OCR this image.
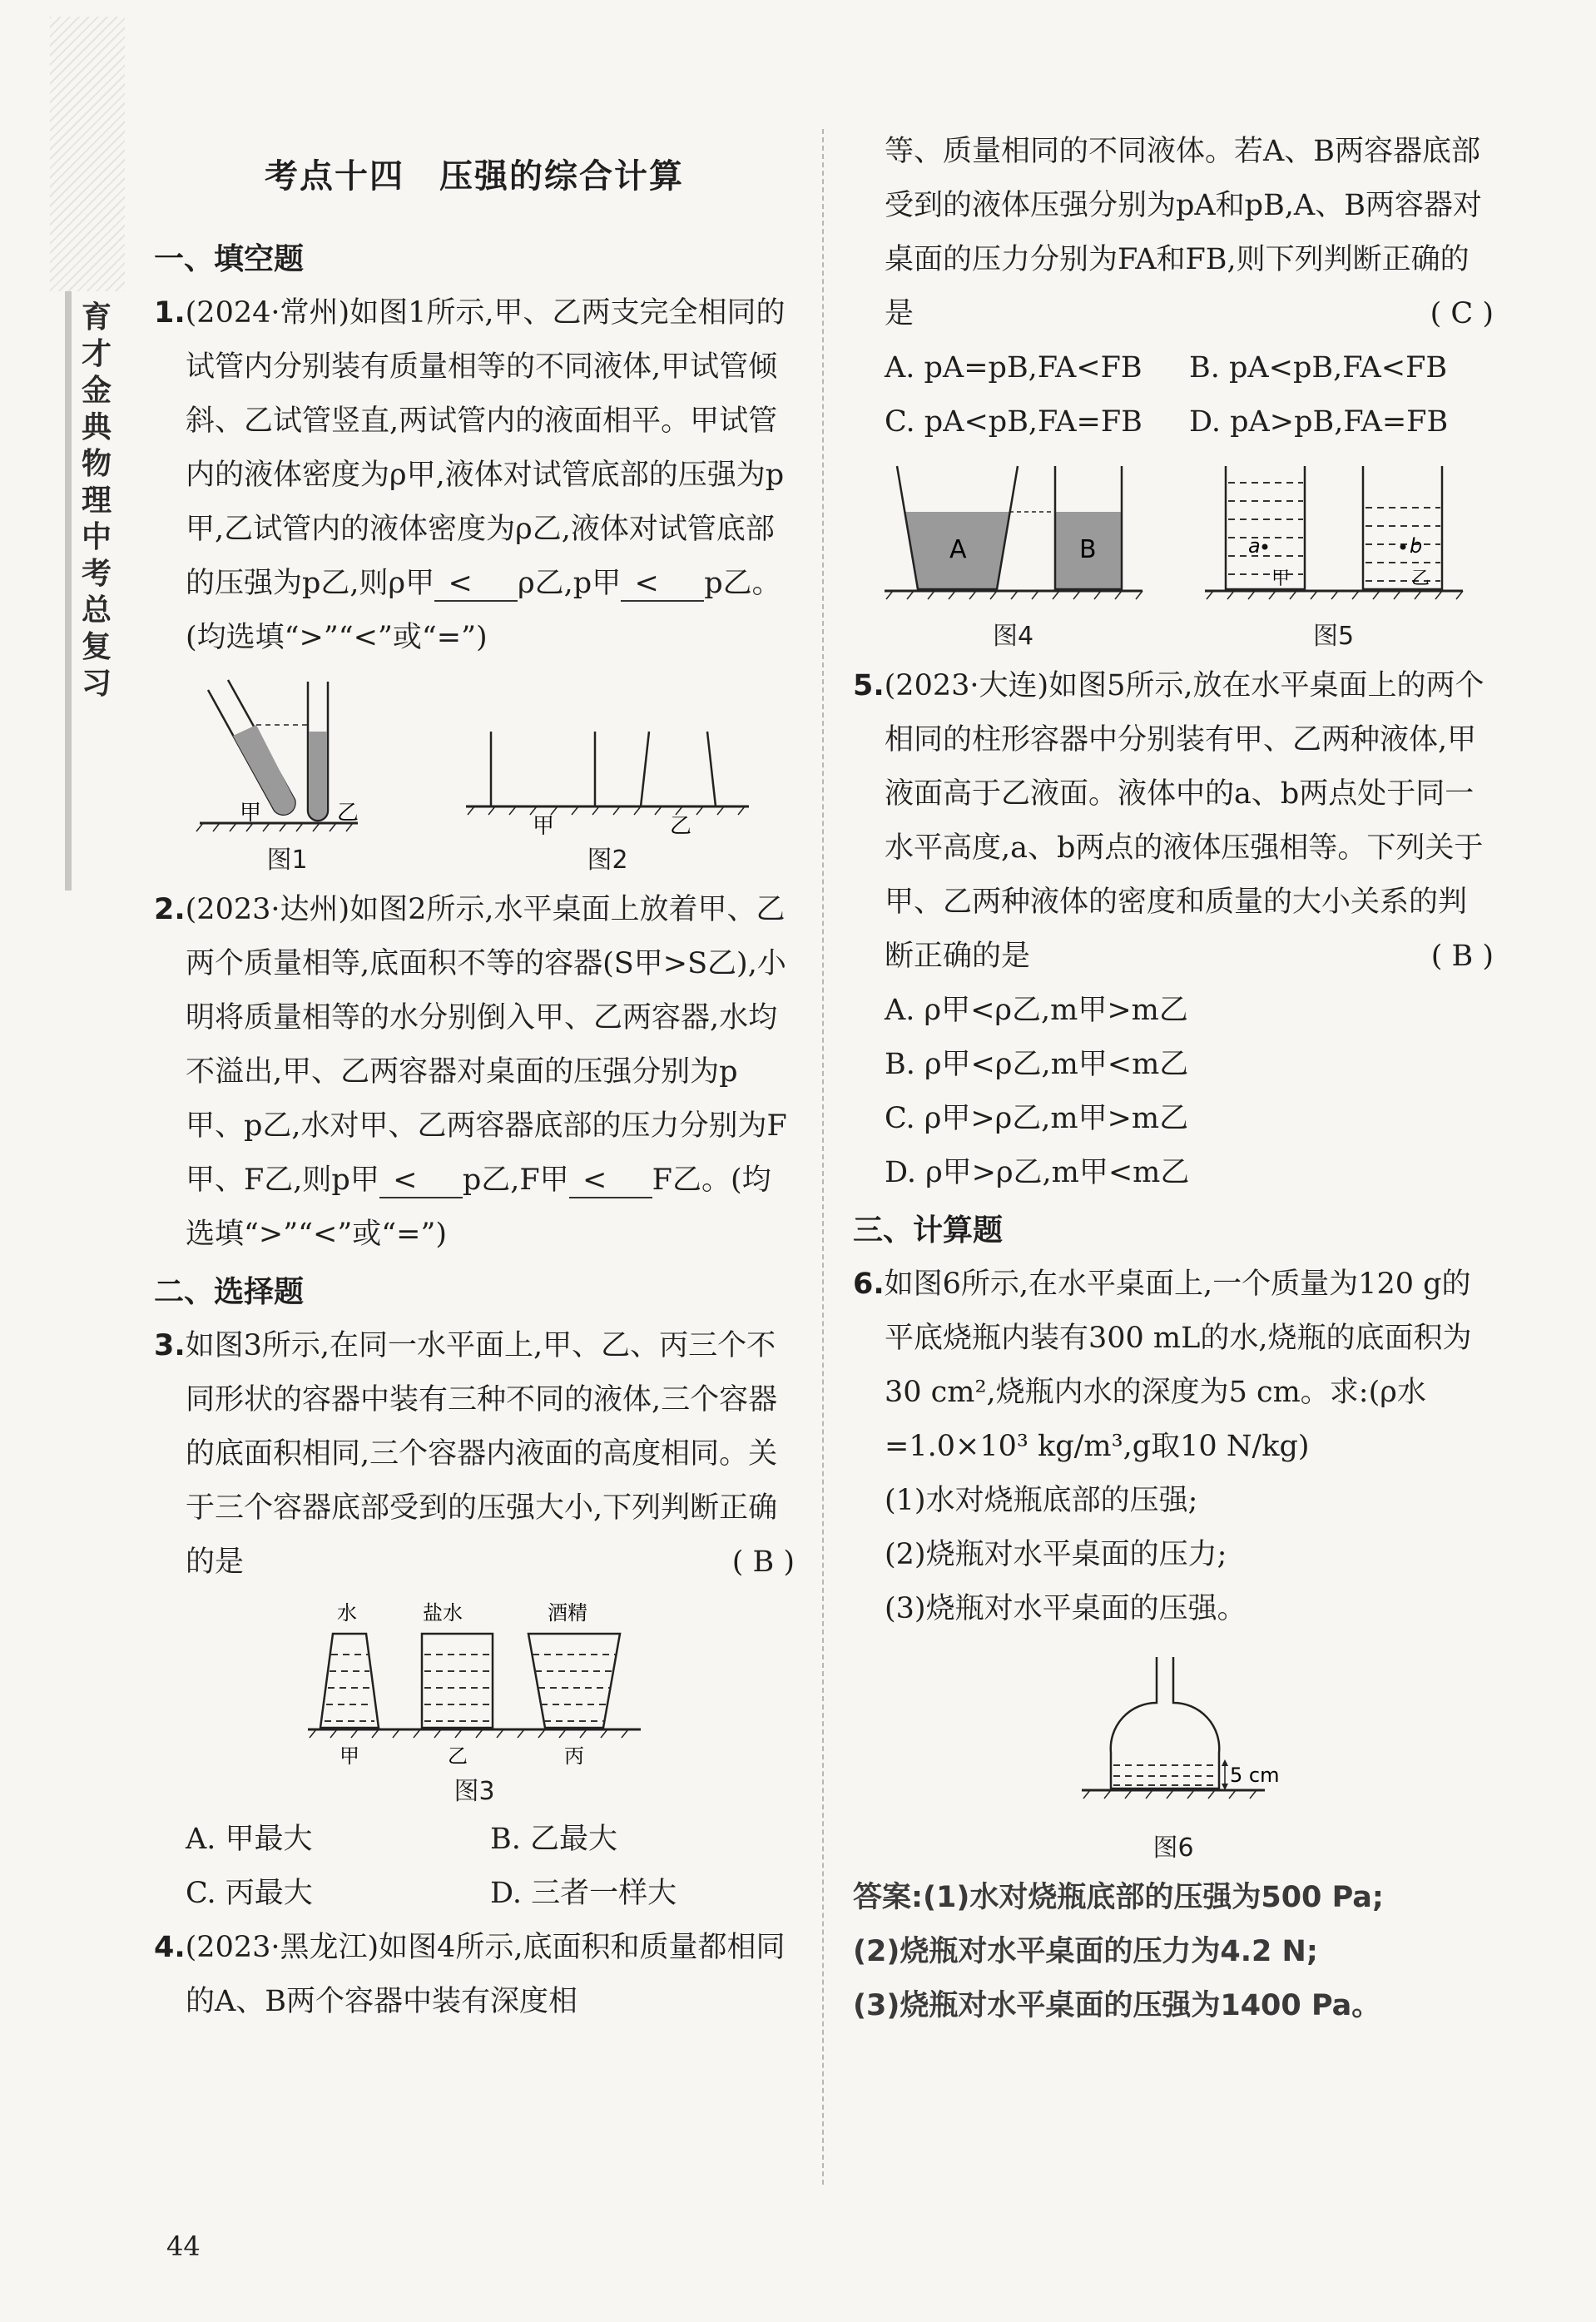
育才金典 物理中考总复习
考点十四　压强的综合计算
一、填空题

1.(2024·常州)如图1所示,甲、乙两支完全相同的试管内分别装有质量相等的不同液体,甲试管倾斜、乙试管竖直,两试管内的液面相平。甲试管内的液体密度为ρ甲,液体对试管底部的压强为p甲,乙试管内的液体密度为ρ乙,液体对试管底部的压强为p乙,则ρ甲 < ρ乙,p甲 < p乙。(均选填“>”“<”或“=”)

甲	乙
图1
甲	乙
图2

2.(2023·达州)如图2所示,水平桌面上放着甲、乙两个质量相等,底面积不等的容器(S甲>S乙),小明将质量相等的水分别倒入甲、乙两容器,水均不溢出,甲、乙两容器对桌面的压强分别为p甲、p乙,水对甲、乙两容器底部的压力分别为F甲、F乙,则p甲 < p乙,F甲 < F乙。(均选填“>”“<”或“=”)

二、选择题

3.如图3所示,在同一水平面上,甲、乙、丙三个不同形状的容器中装有三种不同的液体,三个容器的底面积相同,三个容器内液面的高度相同。关于三个容器底部受到的压强大小,下列判断正确的是	( B )

水	盐水	酒精
甲	乙	丙
图3
A. 甲最大	B. 乙最大
C. 丙最大	D. 三者一样大

4.(2023·黑龙江)如图4所示,底面积和质量都相同的A、B两个容器中装有深度相

等、质量相同的不同液体。若A、B两容器底部受到的液体压强分别为pA和pB,A、B两容器对桌面的压力分别为FA和FB,则下列判断正确的是	( C )

A. pA=pB,FA<FB	B. pA<pB,FA<FB
C. pA<pB,FA=FB	D. pA>pB,FA=FB
A	B
图4
a	b
甲	乙
图5

5.(2023·大连)如图5所示,放在水平桌面上的两个相同的柱形容器中分别装有甲、乙两种液体,甲液面高于乙液面。液体中的a、b两点处于同一水平高度,a、b两点的液体压强相等。下列关于甲、乙两种液体的密度和质量的大小关系的判断正确的是	( B )

A. ρ甲<ρ乙,m甲>m乙
B. ρ甲<ρ乙,m甲<m乙
C. ρ甲>ρ乙,m甲>m乙
D. ρ甲>ρ乙,m甲<m乙
三、计算题

6.如图6所示,在水平桌面上,一个质量为120 g的平底烧瓶内装有300 mL的水,烧瓶的底面积为30 cm²,烧瓶内水的深度为5 cm。求:(ρ水=1.0×10³ kg/m³,g取10 N/kg)

(1)水对烧瓶底部的压强;

(2)烧瓶对水平桌面的压力;

(3)烧瓶对水平桌面的压强。

5 cm
图6
答案:(1)水对烧瓶底部的压强为500 Pa;
(2)烧瓶对水平桌面的压力为4.2 N;
(3)烧瓶对水平桌面的压强为1400 Pa。
44
